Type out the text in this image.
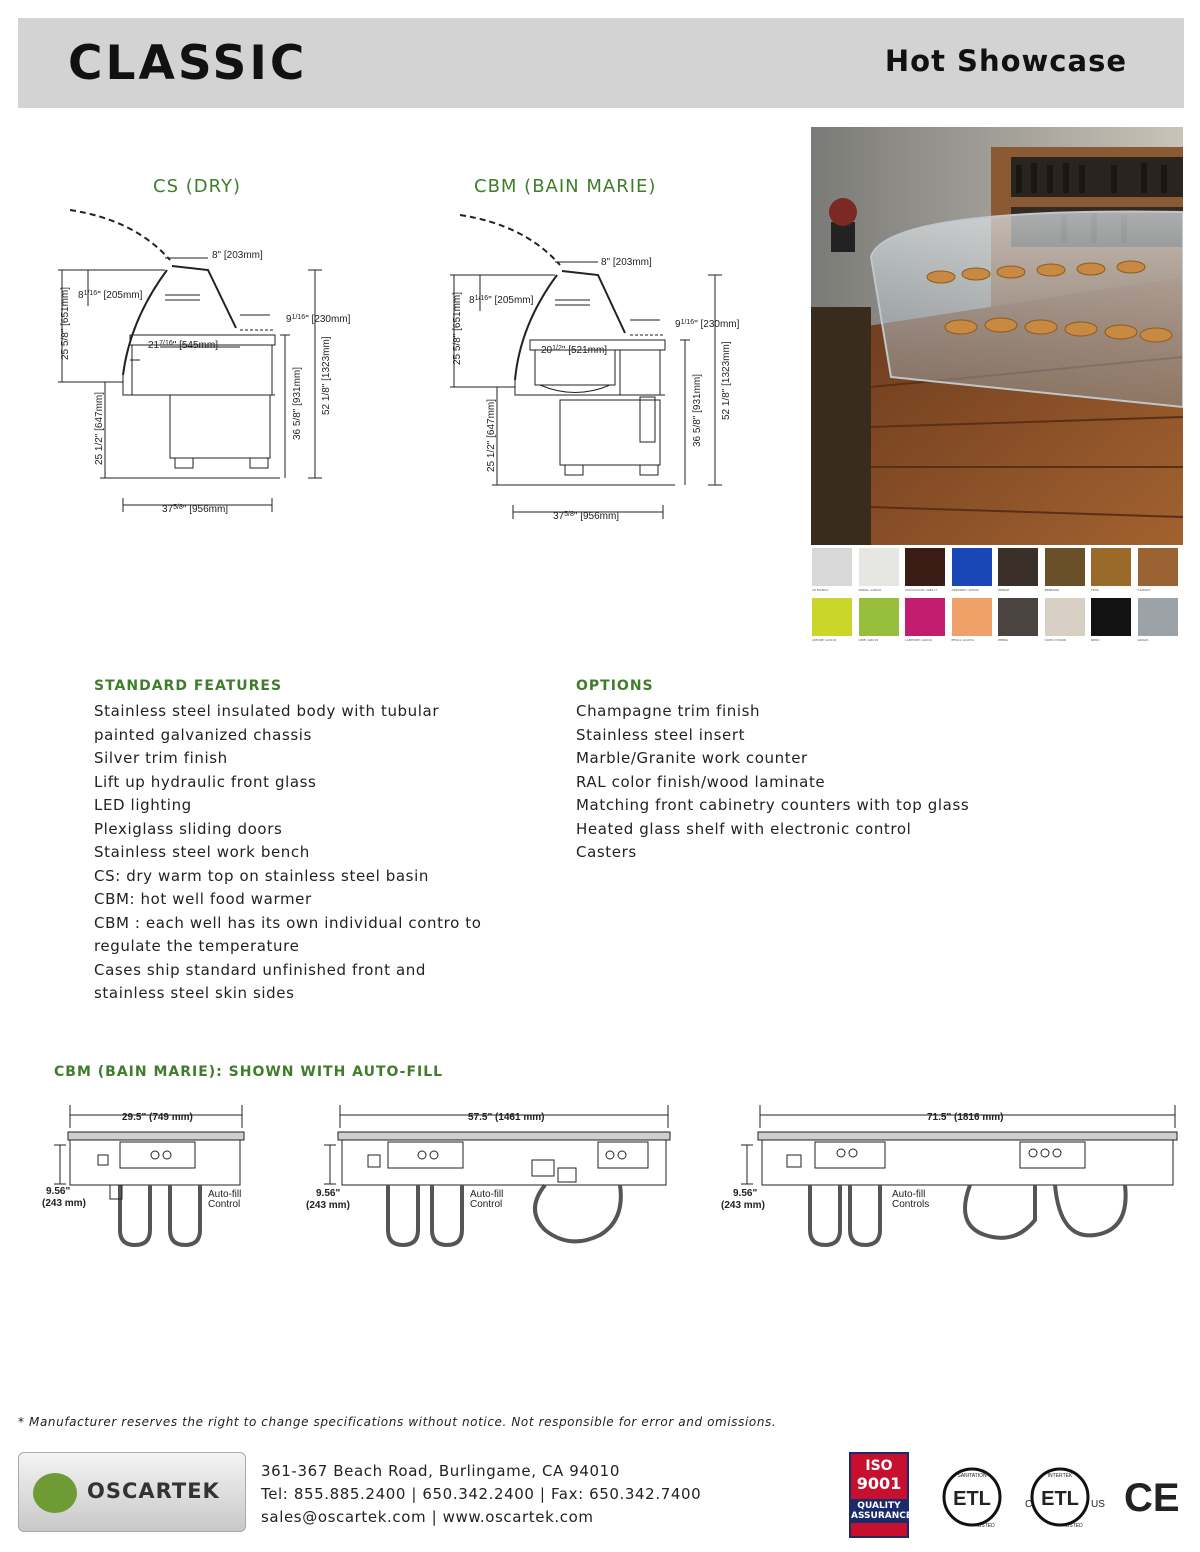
CLASSIC	Hot Showcase
CS (DRY)	CBM (BAIN MARIE)
8" [203mm]
$8^{1/16}$" [205mm]
$21^{7/16}$" [545mm]
$9^{1/16}$" [230mm]
25 5/8" [651mm]
52 1/8" [1323mm]
36 5/8" [931mm]
25 1/2" [647mm]
$37^{5/8}$" [956mm]
8" [203mm]
$8^{1/16}$" [205mm]
$20^{1/2}$" [521mm]
$9^{1/16}$" [230mm]
25 5/8" [651mm]
52 1/8" [1323mm]
36 5/8" [931mm]
25 1/2" [647mm]
$37^{5/8}$" [956mm]
18 BIANCO	PANNA ral9010	CIOCCOLATO ral8017	AZZURRO ral5002	WENGE	ZEBRANO	TEAK	CILIEGIO
LIMONE ral1016	LIME ral6018	LAMPONE ral4010	PESCA ral1034	ZEBRA	OLMO CHIARO	NERO	GRIGIO
STANDARD FEATURES
Stainless steel insulated body with tubular
painted galvanized chassis
Silver trim finish
Lift up hydraulic front glass
LED lighting
Plexiglass sliding doors
Stainless steel work bench
CS: dry warm top on stainless steel basin
CBM: hot well food warmer
CBM : each well has its own individual contro to
regulate the temperature
Cases ship standard unfinished front and
stainless steel skin sides
OPTIONS
Champagne trim finish
Stainless steel insert
Marble/Granite work counter
RAL color finish/wood laminate
Matching front cabinetry counters with top glass
Heated glass shelf with electronic control
Casters
CBM (BAIN MARIE): SHOWN WITH AUTO-FILL
29.5" (749 mm)
9.56"
(243 mm)
Auto-fill
Control
57.5" (1461 mm)
9.56"
(243 mm)
Auto-fill
Control
71.5" (1816 mm)
9.56"
(243 mm)
Auto-fill
Controls
* Manufacturer reserves the right to change specifications without notice. Not responsible for error and omissions.
OSCARTEK
361-367 Beach Road, Burlingame, CA 94010
Tel: 855.885.2400 | 650.342.2400 | Fax: 650.342.7400
sales@oscartek.com | www.oscartek.com
ISO
9001
QUALITY
ASSURANCE
ETL
SANITATION
LISTED
C ETL
INTERTEK
LISTED
US CE
